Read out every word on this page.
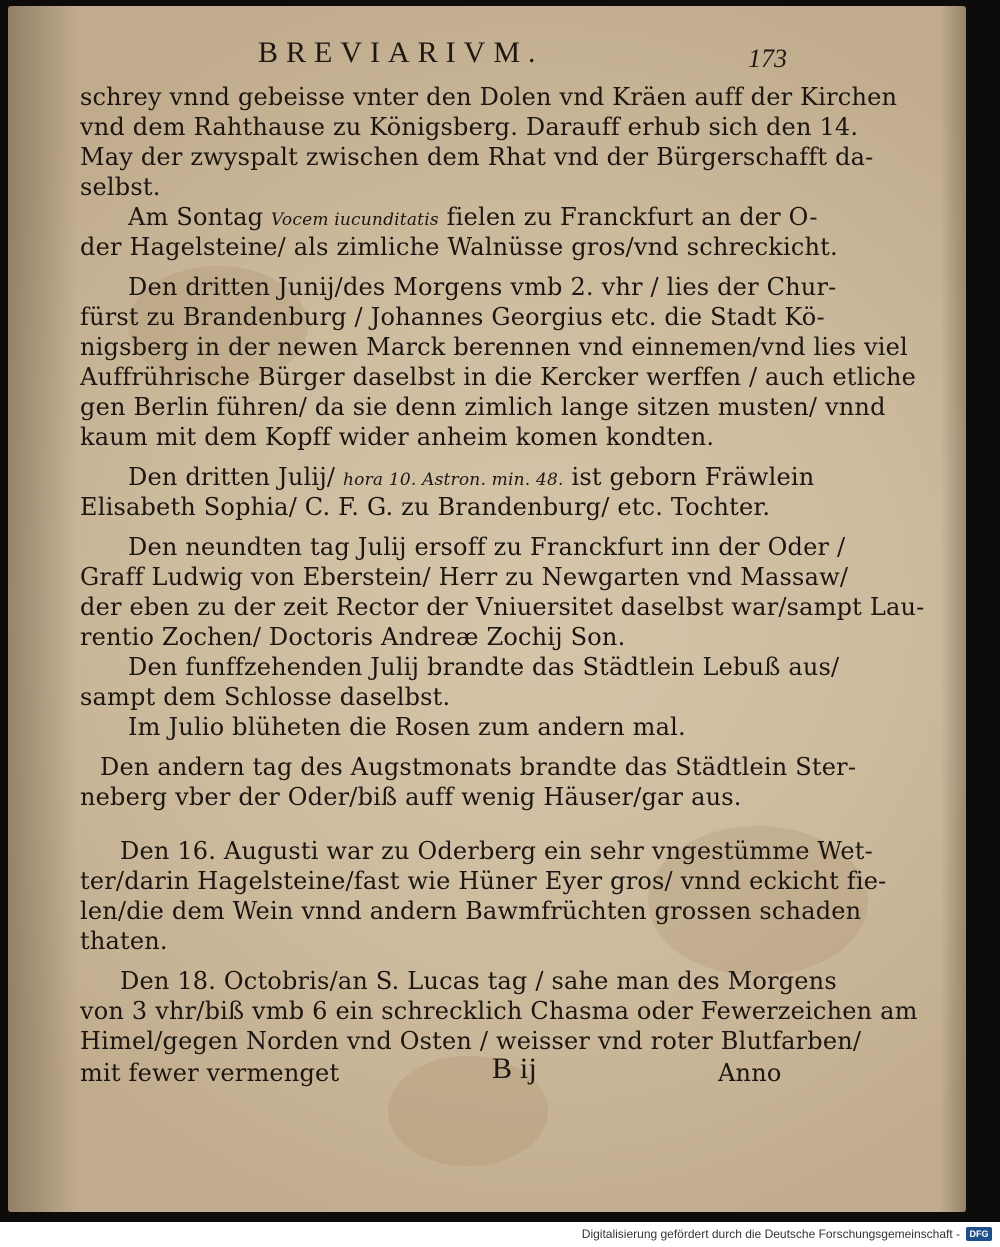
BREVIARIVM.	173
schrey vnnd gebeisse vnter den Dolen vnd Kräen auff der Kirchen
vnd dem Rahthause zu Königsberg. Darauff erhub sich den 14.
May der zwyspalt zwischen dem Rhat vnd der Bürgerschafft da-
selbst.
Am Sontag Vocem iucunditatis fielen zu Franckfurt an der O-
der Hagelsteine/ als zimliche Walnüsse gros/vnd schreckicht.
Den dritten Junij/des Morgens vmb 2. vhr / lies der Chur-
fürst zu Brandenburg / Johannes Georgius etc. die Stadt Kö-
nigsberg in der newen Marck berennen vnd einnemen/vnd lies viel
Auffrührische Bürger daselbst in die Kercker werffen / auch etliche
gen Berlin führen/ da sie denn zimlich lange sitzen musten/ vnnd
kaum mit dem Kopff wider anheim komen kondten.
Den dritten Julij/ hora 10. Astron. min. 48. ist geborn Fräwlein
Elisabeth Sophia/ C. F. G. zu Brandenburg/ etc. Tochter.
Den neundten tag Julij ersoff zu Franckfurt inn der Oder /
Graff Ludwig von Eberstein/ Herr zu Newgarten vnd Massaw/
der eben zu der zeit Rector der Vniuersitet daselbst war/sampt Lau-
rentio Zochen/ Doctoris Andreæ Zochij Son.
Den funffzehenden Julij brandte das Städtlein Lebuß aus/
sampt dem Schlosse daselbst.
Im Julio blüheten die Rosen zum andern mal.
Den andern tag des Augstmonats brandte das Städtlein Ster-
neberg vber der Oder/biß auff wenig Häuser/gar aus.
Den 16. Augusti war zu Oderberg ein sehr vngestümme Wet-
ter/darin Hagelsteine/fast wie Hüner Eyer gros/ vnnd eckicht fie-
len/die dem Wein vnnd andern Bawmfrüchten grossen schaden
thaten.
Den 18. Octobris/an S. Lucas tag / sahe man des Morgens
von 3 vhr/biß vmb 6 ein schrecklich Chasma oder Fewerzeichen am
Himel/gegen Norden vnd Osten / weisser vnd roter Blutfarben/
mit fewer vermenget	B ij	Anno
Digitalisierung gefördert durch die Deutsche Forschungsgemeinschaft -	DFG
